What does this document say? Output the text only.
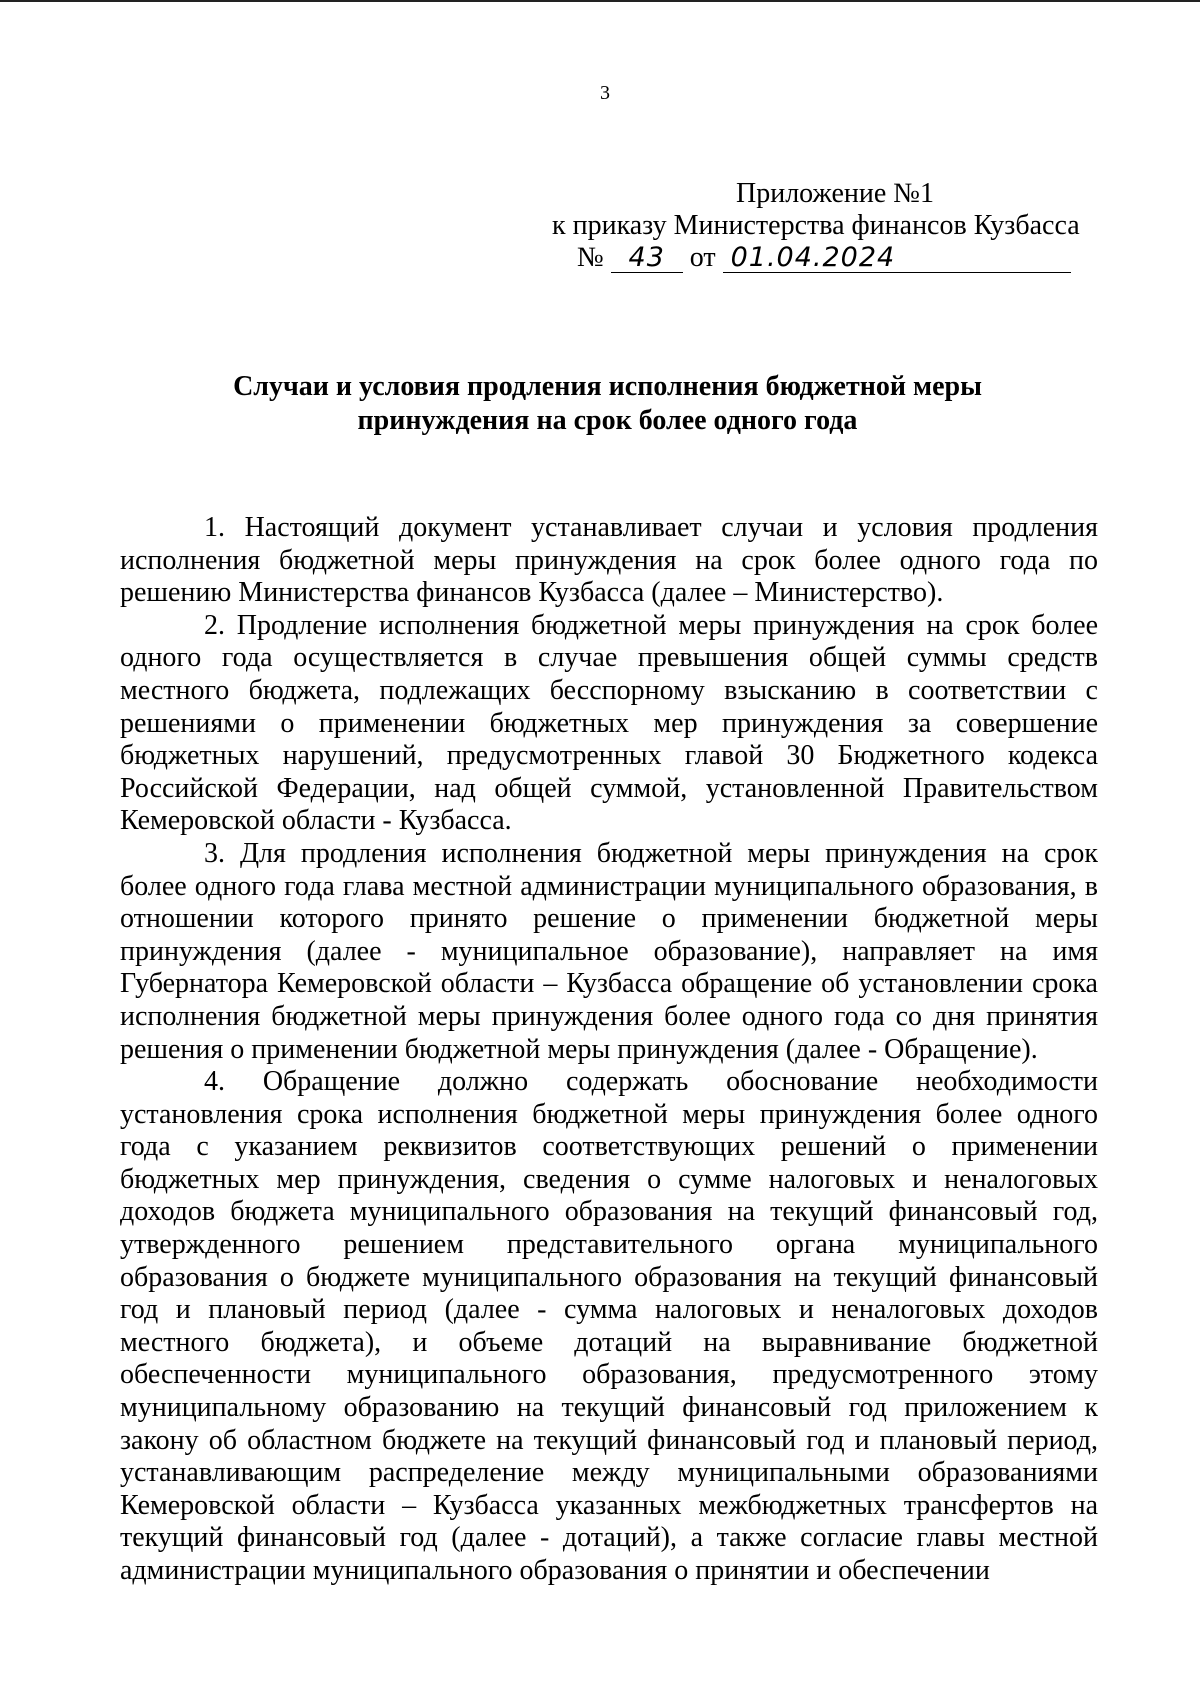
3
Приложение №1
к приказу Министерства финансов Кузбасса
№ 43 от 01.04.2024
Случаи и условия продления исполнения бюджетной меры
принуждения на срок более одного года

1. Настоящий документ устанавливает случаи и условия продления исполнения бюджетной меры принуждения на срок более одного года по решению Министерства финансов Кузбасса (далее – Министерство).

2. Продление исполнения бюджетной меры принуждения на срок более одного года осуществляется в случае превышения общей суммы средств местного бюджета, подлежащих бесспорному взысканию в соответствии с решениями о применении бюджетных мер принуждения за совершение бюджетных нарушений, предусмотренных главой 30 Бюджетного кодекса Российской Федерации, над общей суммой, установленной Правительством Кемеровской области - Кузбасса.

3. Для продления исполнения бюджетной меры принуждения на срок более одного года глава местной администрации муниципального образования, в отношении которого принято решение о применении бюджетной меры принуждения (далее - муниципальное образование), направляет на имя Губернатора Кемеровской области – Кузбасса обращение об установлении срока исполнения бюджетной меры принуждения более одного года со дня принятия решения о применении бюджетной меры принуждения (далее - Обращение).

4. Обращение должно содержать обоснование необходимости установления срока исполнения бюджетной меры принуждения более одного года с указанием реквизитов соответствующих решений о применении бюджетных мер принуждения, сведения о сумме налоговых и неналоговых доходов бюджета муниципального образования на текущий финансовый год, утвержденного решением представительного органа муниципального образования о бюджете муниципального образования на текущий финансовый год и плановый период (далее - сумма налоговых и неналоговых доходов местного бюджета), и объеме дотаций на выравнивание бюджетной обеспеченности муниципального образования, предусмотренного этому муниципальному образованию на текущий финансовый год приложением к закону об областном бюджете на текущий финансовый год и плановый период, устанавливающим распределение между муниципальными образованиями Кемеровской области – Кузбасса указанных межбюджетных трансфертов на текущий финансовый год (далее - дотаций), а также согласие главы местной администрации муниципального образования о принятии и обеспечении
